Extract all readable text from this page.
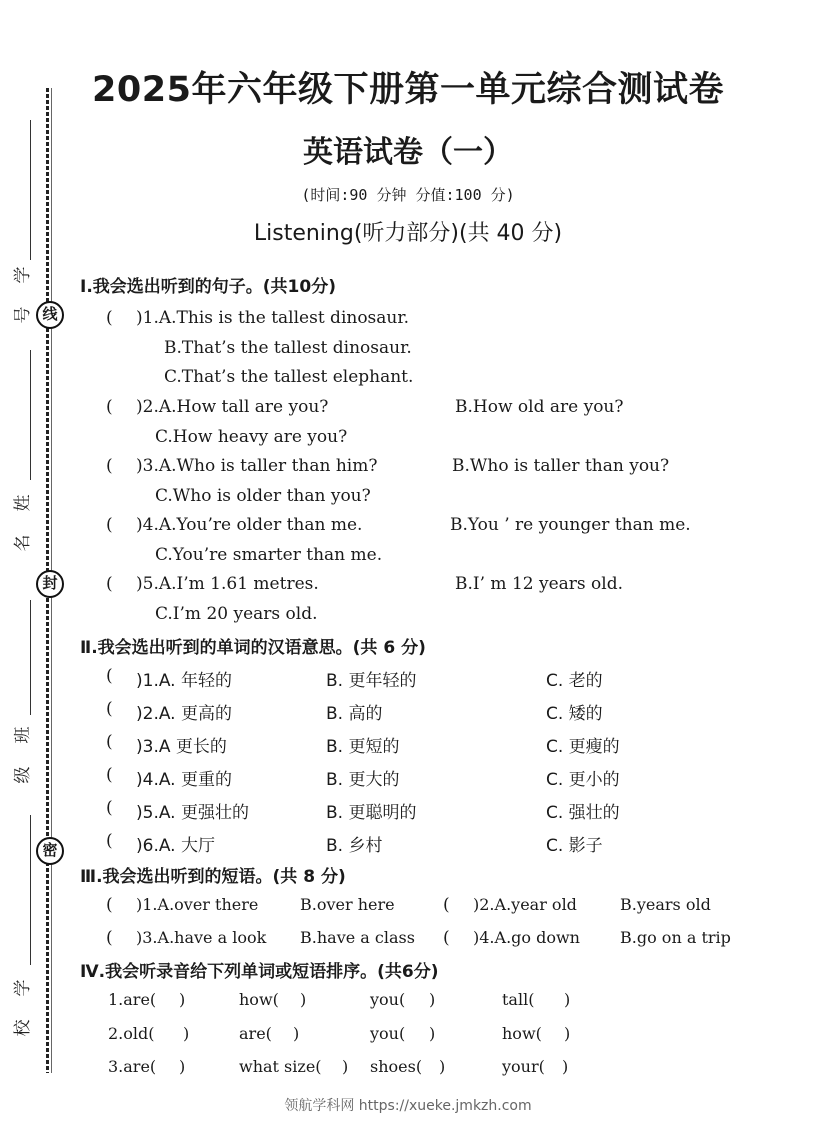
学
号 线
姓
名
封
班
级
密
学
校
2025年六年级下册第一单元综合测试卷
英语试卷（一）
(时间:90 分钟 分值:100 分)
Listening(听力部分)(共 40 分)
Ⅰ.我会选出听到的句子。(共10分)
( )1.A.This is the tallest dinosaur.
B.That’s the tallest dinosaur.
C.That’s the tallest elephant.
( )2.A.How tall are you?	B.How old are you?
C.How heavy are you?
( )3.A.Who is taller than him?	B.Who is taller than you?
C.Who is older than you?
( )4.A.You’re older than me.	B.You ’ re younger than me.
C.You’re smarter than me.
( )5.A.I’m 1.61 metres.	B.I’ m 12 years old.
C.I’m 20 years old.
Ⅱ.我会选出听到的单词的汉语意思。(共 6 分)
( )1.A. 年轻的	B. 更年轻的	C. 老的
( )2.A. 更高的	B. 高的	C. 矮的
( )3.A 更长的	B. 更短的	C. 更瘦的
( )4.A. 更重的	B. 更大的	C. 更小的
( )5.A. 更强壮的	B. 更聪明的	C. 强壮的
( )6.A. 大厅	B. 乡村	C. 影子
Ⅲ.我会选出听到的短语。(共 8 分)
( )1.A.over there	B.over here	( )2.A.year old	B.years old
( )3.A.have a look B.have a class ( )4.A.go down	B.go on a trip
Ⅳ.我会听录音给下列单词或短语排序。(共6分)
1.are( )	how( )	you( )	tall( )
2.old( )	are( )	you( )	how( )
3.are( )	what size( ) shoes( )	your( )
领航学科网 https://xueke.jmkzh.com
